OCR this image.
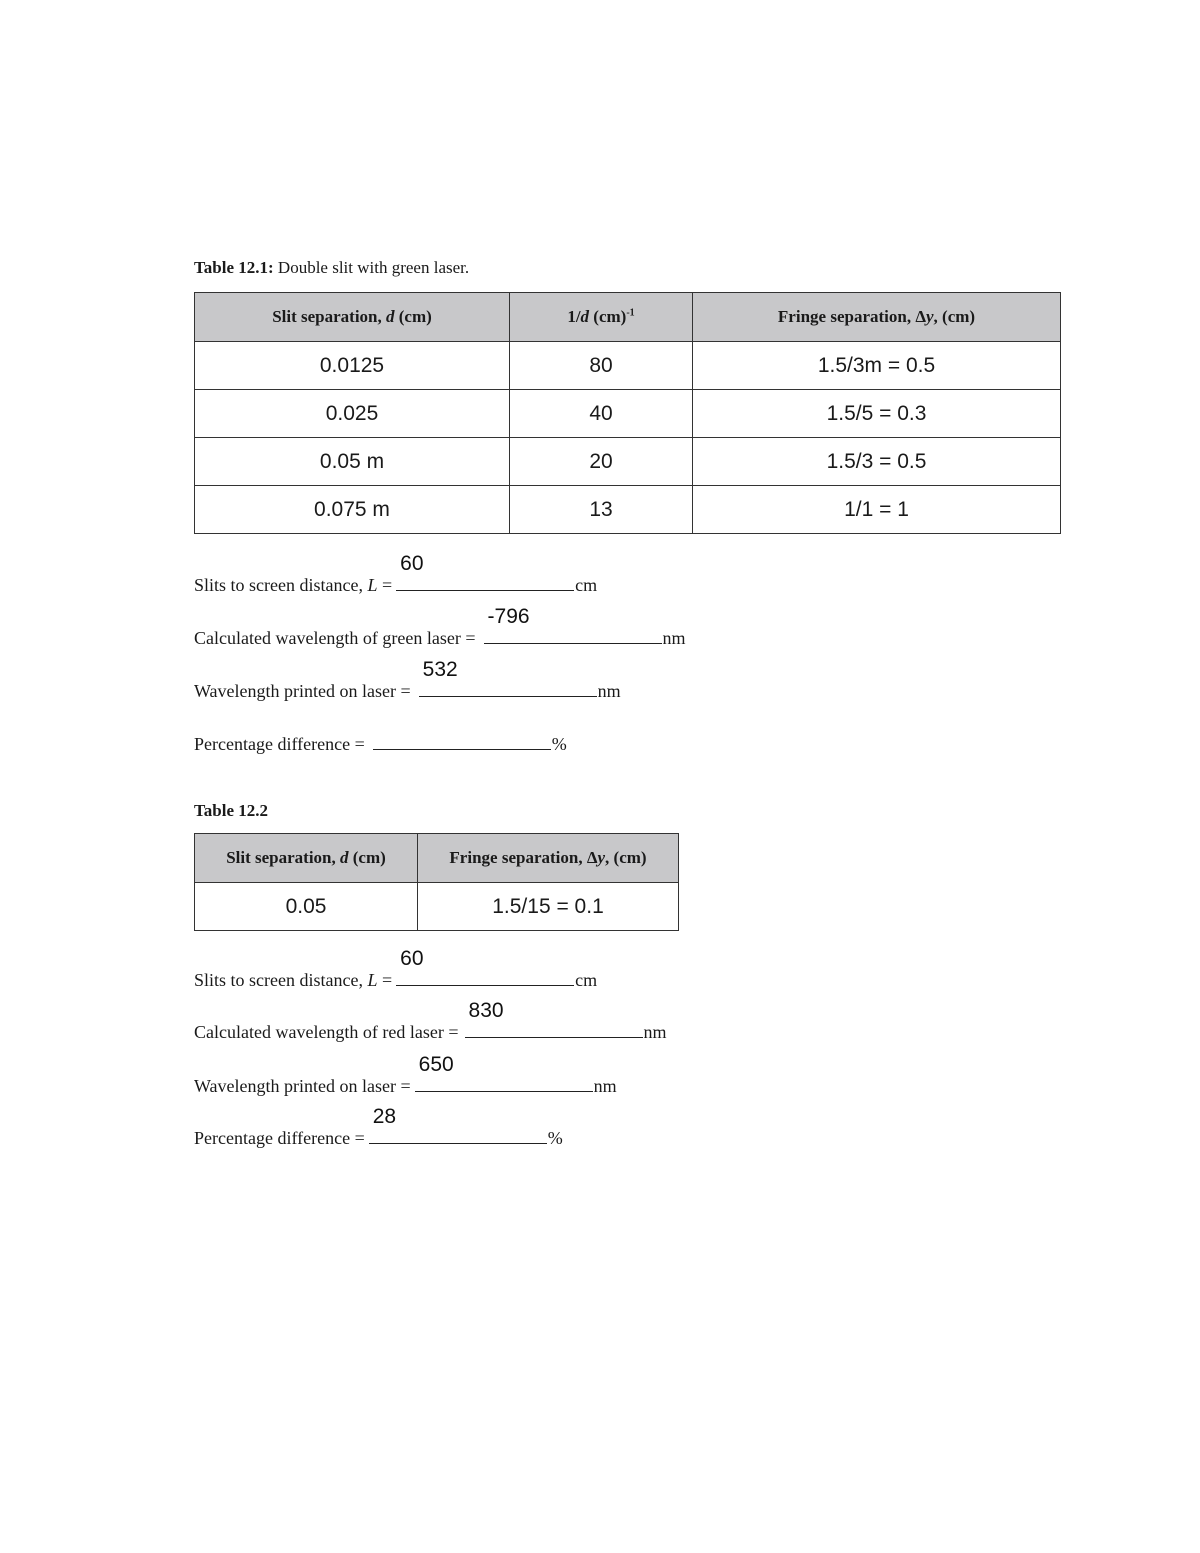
Table 12.1: Double slit with green laser.
Slit separation, d (cm)	1/d (cm)$^{-1}$	Fringe separation, Δy, (cm)
0.0125	80	1.5/3m = 0.5
0.025	40	1.5/5 = 0.3
0.05 m	20	1.5/3 = 0.5
0.075 m	13	1/1 = 1
Slits to screen distance, L =
60
cm
Calculated wavelength of green laser =
-796
nm
Wavelength printed on laser =
532
nm
Percentage difference =	%
Table 12.2
Slit separation, d (cm)	Fringe separation, Δy, (cm)
0.05	1.5/15 = 0.1
Slits to screen distance, L =
60
cm
Calculated wavelength of red laser =
830
nm
Wavelength printed on laser =
650
nm
Percentage difference =
28
%
